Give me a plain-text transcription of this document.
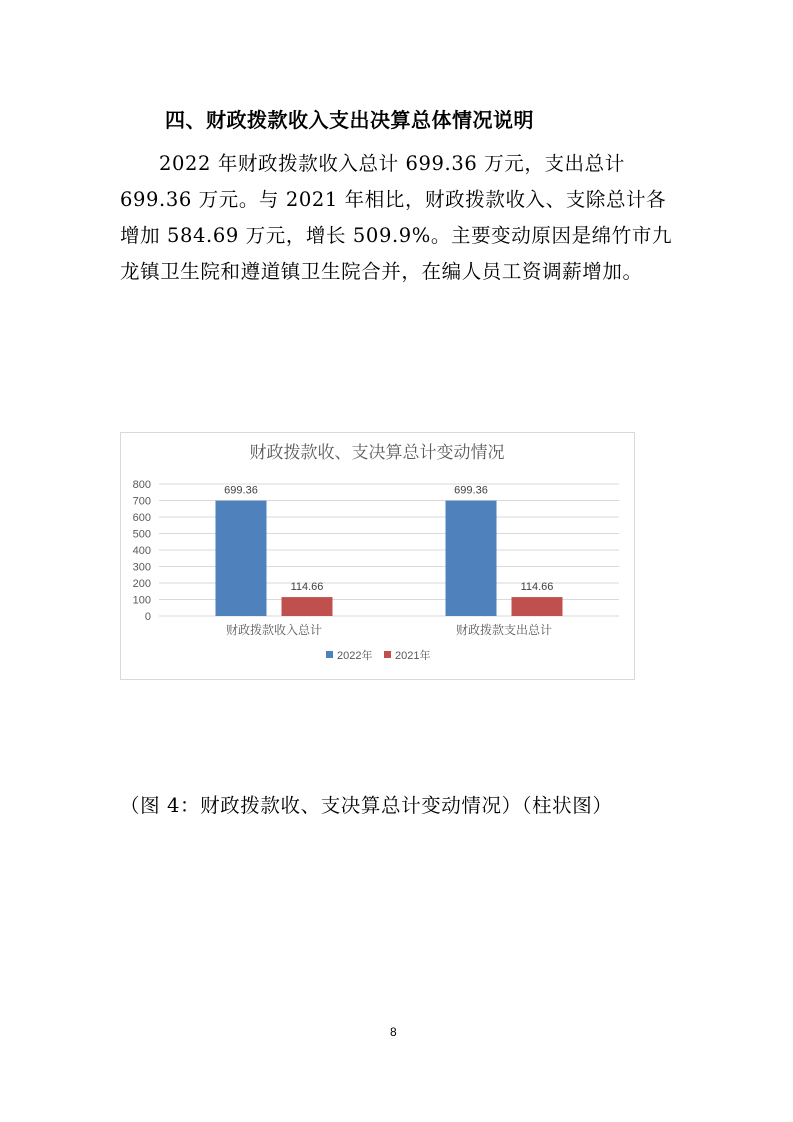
四、财政拨款收入支出决算总体情况说明

2022 年财政拨款收入总计 699.36 万元，支出总计 699.36 万元。与 2021 年相比，财政拨款收入、支除总计各增加 584.69 万元，增长 509.9%。主要变动原因是绵竹市九龙镇卫生院和遵道镇卫生院合并，在编人员工资调薪增加。

财政拨款收、支决算总计变动情况
800
700
600
500
400
300
200
100
0
699.36
114.66
财政拨款收入总计
699.36
114.66
财政拨款支出总计
2022年 2021年
（图 4：财政拨款收、支决算总计变动情况）（柱状图）
8
